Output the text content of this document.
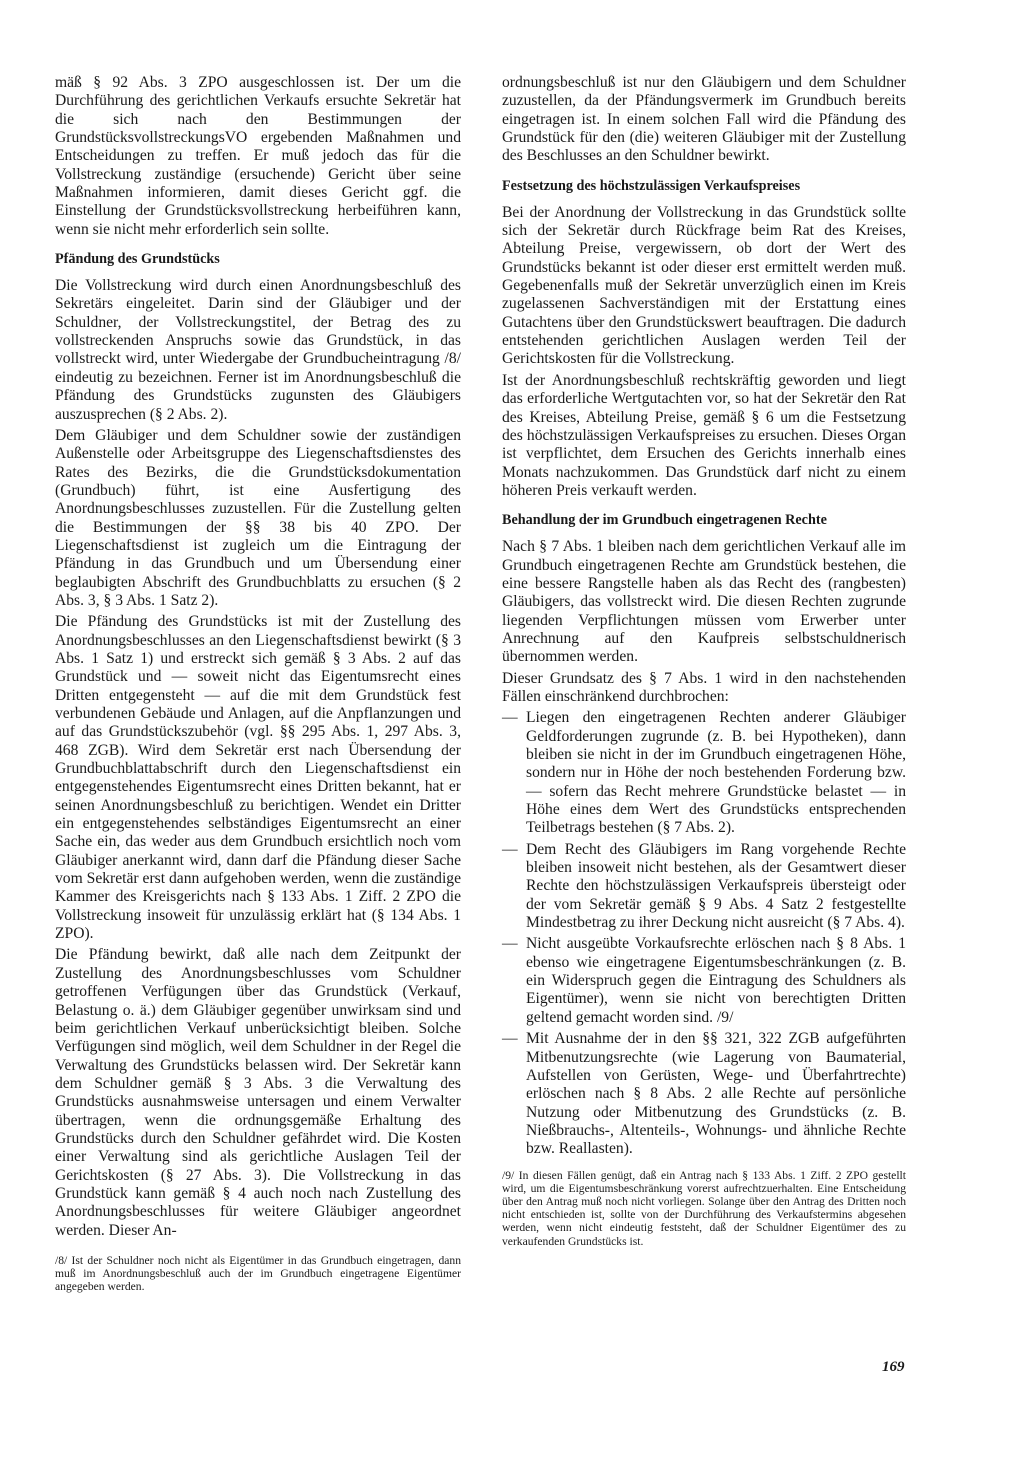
mäß § 92 Abs. 3 ZPO ausgeschlossen ist. Der um die Durchführung des gerichtlichen Verkaufs ersuchte Sekretär hat die sich nach den Bestimmungen der GrundstücksvollstreckungsVO ergebenden Maßnahmen und Entscheidungen zu treffen. Er muß jedoch das für die Vollstreckung zuständige (ersuchende) Gericht über seine Maßnahmen informieren, damit dieses Gericht ggf. die Einstellung der Grundstücksvollstreckung herbeiführen kann, wenn sie nicht mehr erforderlich sein sollte.

Pfändung des Grundstücks

Die Vollstreckung wird durch einen Anordnungsbeschluß des Sekretärs eingeleitet. Darin sind der Gläubiger und der Schuldner, der Vollstreckungstitel, der Betrag des zu vollstreckenden Anspruchs sowie das Grundstück, in das vollstreckt wird, unter Wiedergabe der Grundbucheintragung /8/ eindeutig zu bezeichnen. Ferner ist im Anordnungsbeschluß die Pfändung des Grundstücks zugunsten des Gläubigers auszusprechen (§ 2 Abs. 2).

Dem Gläubiger und dem Schuldner sowie der zuständigen Außenstelle oder Arbeitsgruppe des Liegenschaftsdienstes des Rates des Bezirks, die die Grundstücksdokumentation (Grundbuch) führt, ist eine Ausfertigung des Anordnungsbeschlusses zuzustellen. Für die Zustellung gelten die Bestimmungen der §§ 38 bis 40 ZPO. Der Liegenschaftsdienst ist zugleich um die Eintragung der Pfändung in das Grundbuch und um Übersendung einer beglaubigten Abschrift des Grundbuchblatts zu ersuchen (§ 2 Abs. 3, § 3 Abs. 1 Satz 2).

Die Pfändung des Grundstücks ist mit der Zustellung des Anordnungsbeschlusses an den Liegenschaftsdienst bewirkt (§ 3 Abs. 1 Satz 1) und erstreckt sich gemäß § 3 Abs. 2 auf das Grundstück und — soweit nicht das Eigentumsrecht eines Dritten entgegensteht — auf die mit dem Grundstück fest verbundenen Gebäude und Anlagen, auf die Anpflanzungen und auf das Grundstückszubehör (vgl. §§ 295 Abs. 1, 297 Abs. 3, 468 ZGB). Wird dem Sekretär erst nach Übersendung der Grundbuchblattabschrift durch den Liegenschaftsdienst ein entgegenstehendes Eigentumsrecht eines Dritten bekannt, hat er seinen Anordnungsbeschluß zu berichtigen. Wendet ein Dritter ein entgegenstehendes selbständiges Eigentumsrecht an einer Sache ein, das weder aus dem Grundbuch ersichtlich noch vom Gläubiger anerkannt wird, dann darf die Pfändung dieser Sache vom Sekretär erst dann aufgehoben werden, wenn die zuständige Kammer des Kreisgerichts nach § 133 Abs. 1 Ziff. 2 ZPO die Vollstreckung insoweit für unzulässig erklärt hat (§ 134 Abs. 1 ZPO).

Die Pfändung bewirkt, daß alle nach dem Zeitpunkt der Zustellung des Anordnungsbeschlusses vom Schuldner getroffenen Verfügungen über das Grundstück (Verkauf, Belastung o. ä.) dem Gläubiger gegenüber unwirksam sind und beim gerichtlichen Verkauf unberücksichtigt bleiben. Solche Verfügungen sind möglich, weil dem Schuldner in der Regel die Verwaltung des Grundstücks belassen wird. Der Sekretär kann dem Schuldner gemäß § 3 Abs. 3 die Verwaltung des Grundstücks ausnahmsweise untersagen und einem Verwalter übertragen, wenn die ordnungsgemäße Erhaltung des Grundstücks durch den Schuldner gefährdet wird. Die Kosten einer Verwaltung sind als gerichtliche Auslagen Teil der Gerichtskosten (§ 27 Abs. 3). Die Vollstreckung in das Grundstück kann gemäß § 4 auch noch nach Zustellung des Anordnungsbeschlusses für weitere Gläubiger angeordnet werden. Dieser An-

/8/ Ist der Schuldner noch nicht als Eigentümer in das Grundbuch eingetragen, dann muß im Anordnungsbeschluß auch der im Grundbuch eingetragene Eigentümer angegeben werden.

ordnungsbeschluß ist nur den Gläubigern und dem Schuldner zuzustellen, da der Pfändungsvermerk im Grundbuch bereits eingetragen ist. In einem solchen Fall wird die Pfändung des Grundstück für den (die) weiteren Gläubiger mit der Zustellung des Beschlusses an den Schuldner bewirkt.

Festsetzung des höchstzulässigen Verkaufspreises

Bei der Anordnung der Vollstreckung in das Grundstück sollte sich der Sekretär durch Rückfrage beim Rat des Kreises, Abteilung Preise, vergewissern, ob dort der Wert des Grundstücks bekannt ist oder dieser erst ermittelt werden muß. Gegebenenfalls muß der Sekretär unverzüglich einen im Kreis zugelassenen Sachverständigen mit der Erstattung eines Gutachtens über den Grundstückswert beauftragen. Die dadurch entstehenden gerichtlichen Auslagen werden Teil der Gerichtskosten für die Vollstreckung.

Ist der Anordnungsbeschluß rechtskräftig geworden und liegt das erforderliche Wertgutachten vor, so hat der Sekretär den Rat des Kreises, Abteilung Preise, gemäß § 6 um die Festsetzung des höchstzulässigen Verkaufspreises zu ersuchen. Dieses Organ ist verpflichtet, dem Ersuchen des Gerichts innerhalb eines Monats nachzukommen. Das Grundstück darf nicht zu einem höheren Preis verkauft werden.

Behandlung der im Grundbuch eingetragenen Rechte

Nach § 7 Abs. 1 bleiben nach dem gerichtlichen Verkauf alle im Grundbuch eingetragenen Rechte am Grundstück bestehen, die eine bessere Rangstelle haben als das Recht des (rangbesten) Gläubigers, das vollstreckt wird. Die diesen Rechten zugrunde liegenden Verpflichtungen müssen vom Erwerber unter Anrechnung auf den Kaufpreis selbstschuldnerisch übernommen werden.

Dieser Grundsatz des § 7 Abs. 1 wird in den nachstehenden Fällen einschränkend durchbrochen:

— Liegen den eingetragenen Rechten anderer Gläubiger Geldforderungen zugrunde (z. B. bei Hypotheken), dann bleiben sie nicht in der im Grundbuch eingetragenen Höhe, sondern nur in Höhe der noch bestehenden Forderung bzw. — sofern das Recht mehrere Grundstücke belastet — in Höhe eines dem Wert des Grundstücks entsprechenden Teilbetrags bestehen (§ 7 Abs. 2).

— Dem Recht des Gläubigers im Rang vorgehende Rechte bleiben insoweit nicht bestehen, als der Gesamtwert dieser Rechte den höchstzulässigen Verkaufspreis übersteigt oder der vom Sekretär gemäß § 9 Abs. 4 Satz 2 festgestellte Mindestbetrag zu ihrer Deckung nicht ausreicht (§ 7 Abs. 4).

— Nicht ausgeübte Vorkaufsrechte erlöschen nach § 8 Abs. 1 ebenso wie eingetragene Eigentumsbeschränkungen (z. B. ein Widerspruch gegen die Eintragung des Schuldners als Eigentümer), wenn sie nicht von berechtigten Dritten geltend gemacht worden sind. /9/

— Mit Ausnahme der in den §§ 321, 322 ZGB aufgeführten Mitbenutzungsrechte (wie Lagerung von Baumaterial, Aufstellen von Gerüsten, Wege- und Überfahrtrechte) erlöschen nach § 8 Abs. 2 alle Rechte auf persönliche Nutzung oder Mitbenutzung des Grundstücks (z. B. Nießbrauchs-, Altenteils-, Wohnungs- und ähnliche Rechte bzw. Reallasten).

/9/ In diesen Fällen genügt, daß ein Antrag nach § 133 Abs. 1 Ziff. 2 ZPO gestellt wird, um die Eigentumsbeschränkung vorerst aufrechtzuerhalten. Eine Entscheidung über den Antrag muß noch nicht vorliegen. Solange über den Antrag des Dritten noch nicht entschieden ist, sollte von der Durchführung des Verkaufstermins abgesehen werden, wenn nicht eindeutig feststeht, daß der Schuldner Eigentümer des zu verkaufenden Grundstücks ist.

169
